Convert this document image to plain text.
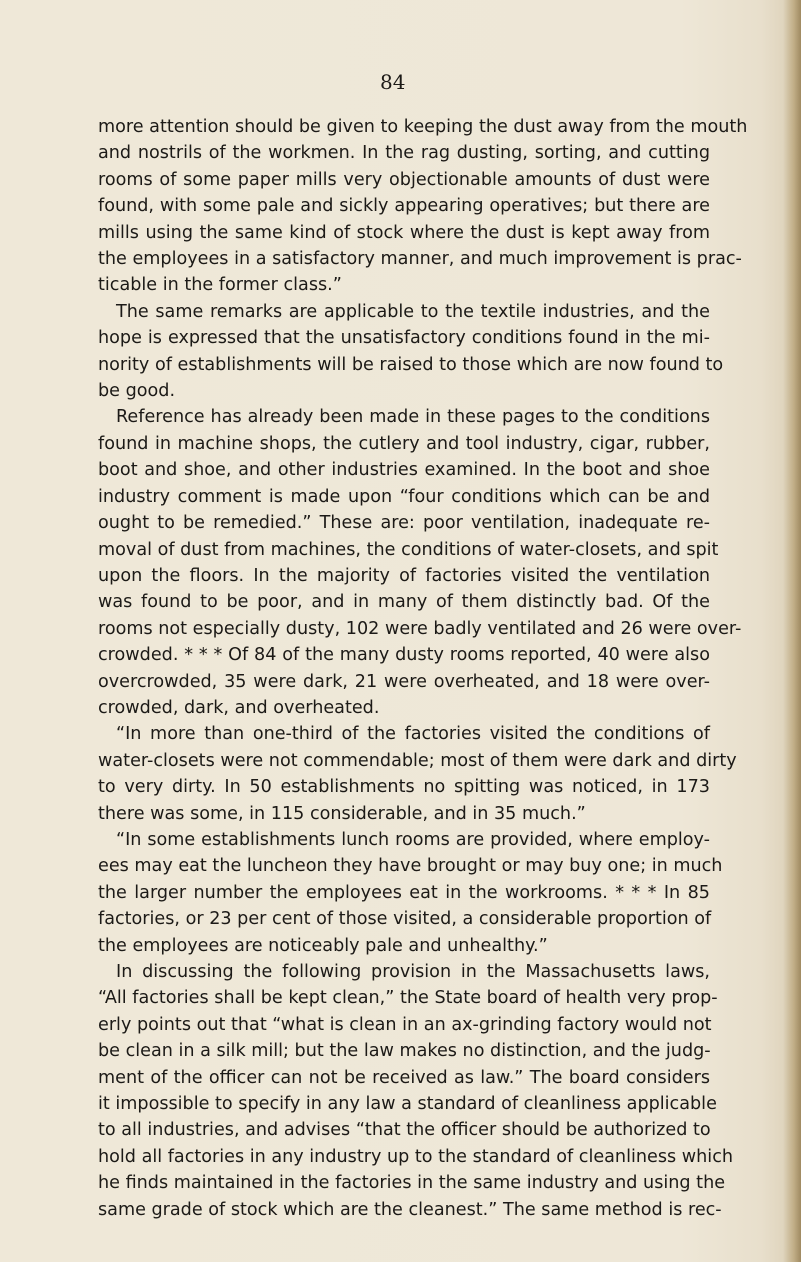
84
more attention should be given to keeping the dust away from the mouth
and nostrils of the workmen. In the rag dusting, sorting, and cutting
rooms of some paper mills very objectionable amounts of dust were
found, with some pale and sickly appearing operatives; but there are
mills using the same kind of stock where the dust is kept away from
the employees in a satisfactory manner, and much improvement is prac-
ticable in the former class.”
The same remarks are applicable to the textile industries, and the
hope is expressed that the unsatisfactory conditions found in the mi-
nority of establishments will be raised to those which are now found to
be good.
Reference has already been made in these pages to the conditions
found in machine shops, the cutlery and tool industry, cigar, rubber,
boot and shoe, and other industries examined. In the boot and shoe
industry comment is made upon “four conditions which can be and
ought to be remedied.” These are: poor ventilation, inadequate re-
moval of dust from machines, the conditions of water-closets, and spit
upon the floors. In the majority of factories visited the ventilation
was found to be poor, and in many of them distinctly bad. Of the
rooms not especially dusty, 102 were badly ventilated and 26 were over-
crowded. * * * Of 84 of the many dusty rooms reported, 40 were also
overcrowded, 35 were dark, 21 were overheated, and 18 were over-
crowded, dark, and overheated.
“In more than one-third of the factories visited the conditions of
water-closets were not commendable; most of them were dark and dirty
to very dirty. In 50 establishments no spitting was noticed, in 173
there was some, in 115 considerable, and in 35 much.”
“In some establishments lunch rooms are provided, where employ-
ees may eat the luncheon they have brought or may buy one; in much
the larger number the employees eat in the workrooms. * * * In 85
factories, or 23 per cent of those visited, a considerable proportion of
the employees are noticeably pale and unhealthy.”
In discussing the following provision in the Massachusetts laws,
“All factories shall be kept clean,” the State board of health very prop-
erly points out that “what is clean in an ax-grinding factory would not
be clean in a silk mill; but the law makes no distinction, and the judg-
ment of the officer can not be received as law.” The board considers
it impossible to specify in any law a standard of cleanliness applicable
to all industries, and advises “that the officer should be authorized to
hold all factories in any industry up to the standard of cleanliness which
he finds maintained in the factories in the same industry and using the
same grade of stock which are the cleanest.” The same method is rec-
